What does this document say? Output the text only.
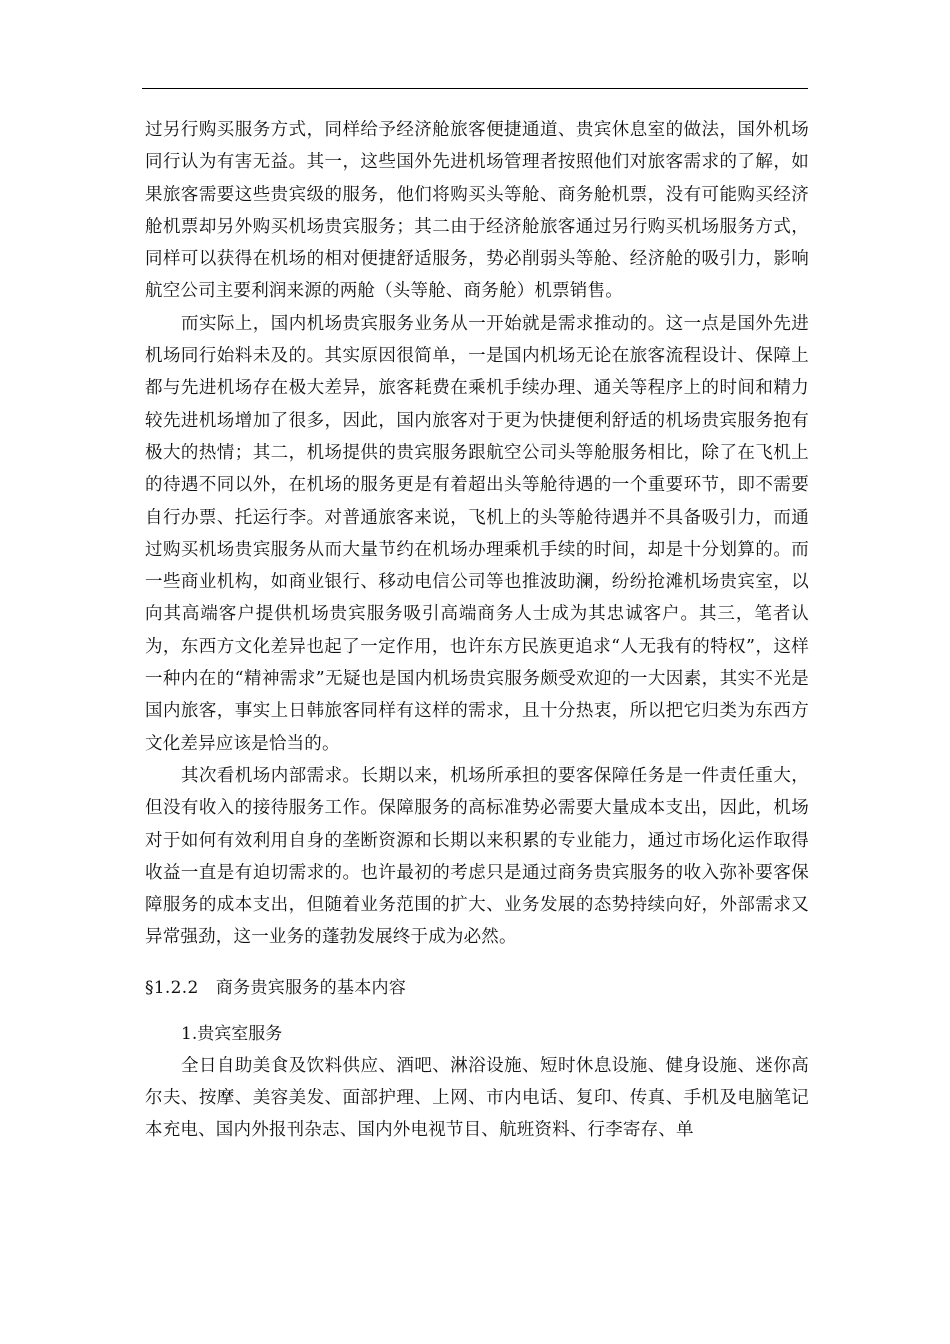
过另行购买服务方式，同样给予经济舱旅客便捷通道、贵宾休息室的做法，国外机场同行认为有害无益。其一，这些国外先进机场管理者按照他们对旅客需求的了解，如果旅客需要这些贵宾级的服务，他们将购买头等舱、商务舱机票，没有可能购买经济舱机票却另外购买机场贵宾服务；其二由于经济舱旅客通过另行购买机场服务方式，同样可以获得在机场的相对便捷舒适服务，势必削弱头等舱、经济舱的吸引力，影响航空公司主要利润来源的两舱（头等舱、商务舱）机票销售。

而实际上，国内机场贵宾服务业务从一开始就是需求推动的。这一点是国外先进机场同行始料未及的。其实原因很简单，一是国内机场无论在旅客流程设计、保障上都与先进机场存在极大差异，旅客耗费在乘机手续办理、通关等程序上的时间和精力较先进机场增加了很多，因此，国内旅客对于更为快捷便利舒适的机场贵宾服务抱有极大的热情；其二，机场提供的贵宾服务跟航空公司头等舱服务相比，除了在飞机上的待遇不同以外，在机场的服务更是有着超出头等舱待遇的一个重要环节，即不需要自行办票、托运行李。对普通旅客来说，飞机上的头等舱待遇并不具备吸引力，而通过购买机场贵宾服务从而大量节约在机场办理乘机手续的时间，却是十分划算的。而一些商业机构，如商业银行、移动电信公司等也推波助澜，纷纷抢滩机场贵宾室，以向其高端客户提供机场贵宾服务吸引高端商务人士成为其忠诚客户。其三，笔者认为，东西方文化差异也起了一定作用，也许东方民族更追求“人无我有的特权”，这样一种内在的“精神需求”无疑也是国内机场贵宾服务颇受欢迎的一大因素，其实不光是国内旅客，事实上日韩旅客同样有这样的需求，且十分热衷，所以把它归类为东西方文化差异应该是恰当的。

其次看机场内部需求。长期以来，机场所承担的要客保障任务是一件责任重大，但没有收入的接待服务工作。保障服务的高标准势必需要大量成本支出，因此，机场对于如何有效利用自身的垄断资源和长期以来积累的专业能力，通过市场化运作取得收益一直是有迫切需求的。也许最初的考虑只是通过商务贵宾服务的收入弥补要客保障服务的成本支出，但随着业务范围的扩大、业务发展的态势持续向好，外部需求又异常强劲，这一业务的蓬勃发展终于成为必然。

§1.2.2　商务贵宾服务的基本内容
1.贵宾室服务

全日自助美食及饮料供应、酒吧、淋浴设施、短时休息设施、健身设施、迷你高尔夫、按摩、美容美发、面部护理、上网、市内电话、复印、传真、手机及电脑笔记本充电、国内外报刊杂志、国内外电视节目、航班资料、行李寄存、单
